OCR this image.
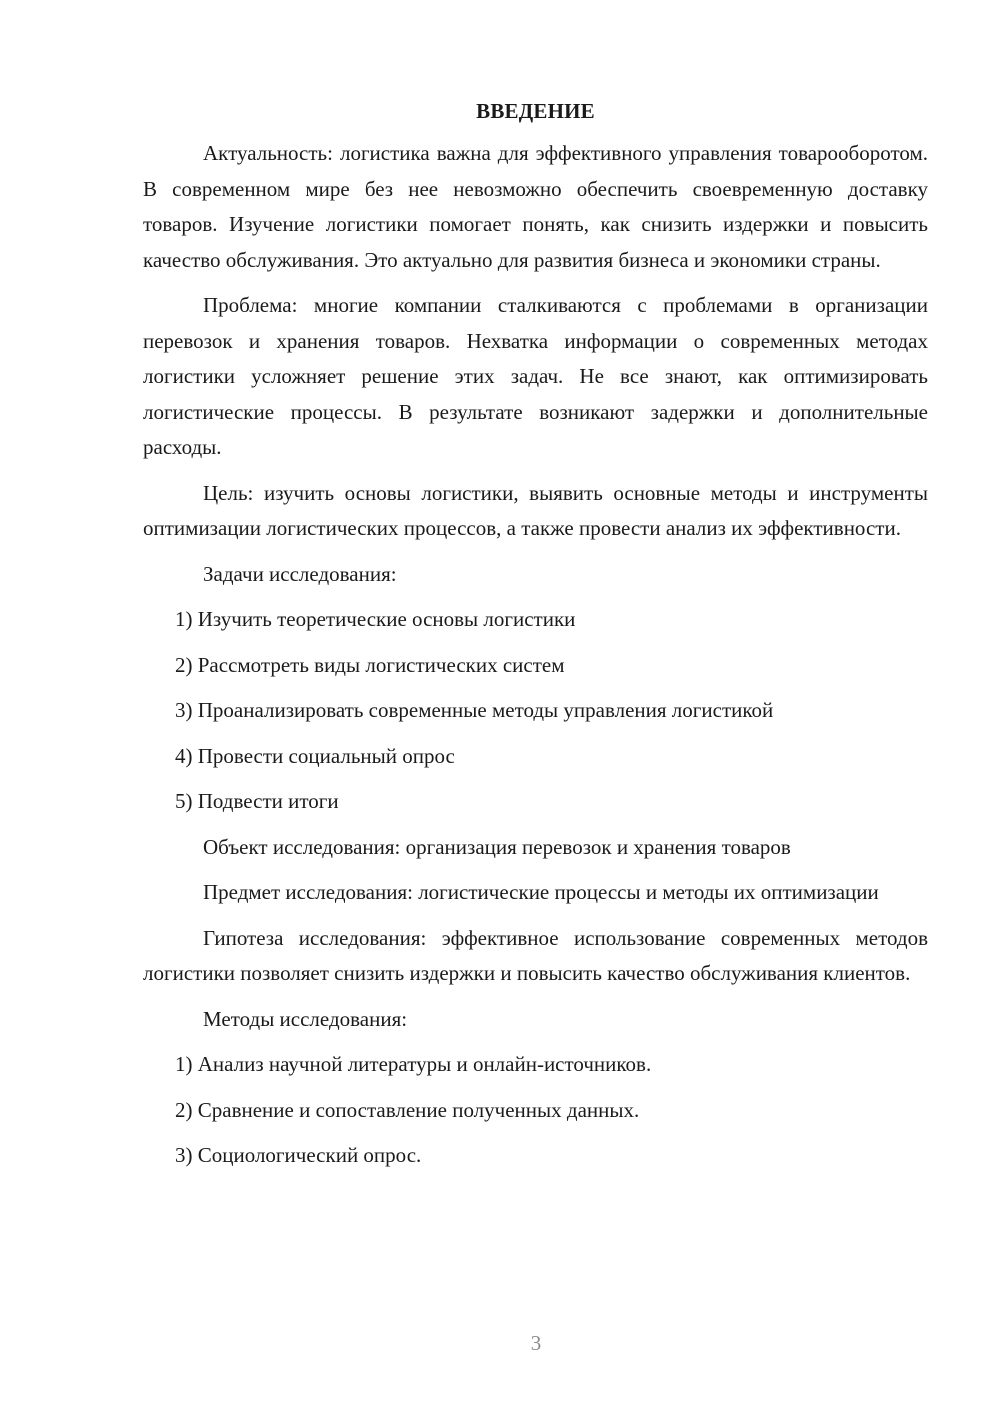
ВВЕДЕНИЕ

Актуальность: логистика важна для эффективного управления товарооборотом. В современном мире без нее невозможно обеспечить своевременную доставку товаров. Изучение логистики помогает понять, как снизить издержки и повысить качество обслуживания. Это актуально для развития бизнеса и экономики страны.

Проблема: многие компании сталкиваются с проблемами в организации перевозок и хранения товаров. Нехватка информации о современных методах логистики усложняет решение этих задач. Не все знают, как оптимизировать логистические процессы. В результате возникают задержки и дополнительные расходы.

Цель: изучить основы логистики, выявить основные методы и инструменты оптимизации логистических процессов, а также провести анализ их эффективности.

Задачи исследования:
1) Изучить теоретические основы логистики
2) Рассмотреть виды логистических систем
3) Проанализировать современные методы управления логистикой
4) Провести социальный опрос
5) Подвести итоги
Объект исследования: организация перевозок и хранения товаров

Предмет исследования: логистические процессы и методы их оптимизации

Гипотеза исследования: эффективное использование современных методов логистики позволяет снизить издержки и повысить качество обслуживания клиентов.

Методы исследования:
1) Анализ научной литературы и онлайн-источников.
2) Сравнение и сопоставление полученных данных.
3) Социологический опрос.
3
